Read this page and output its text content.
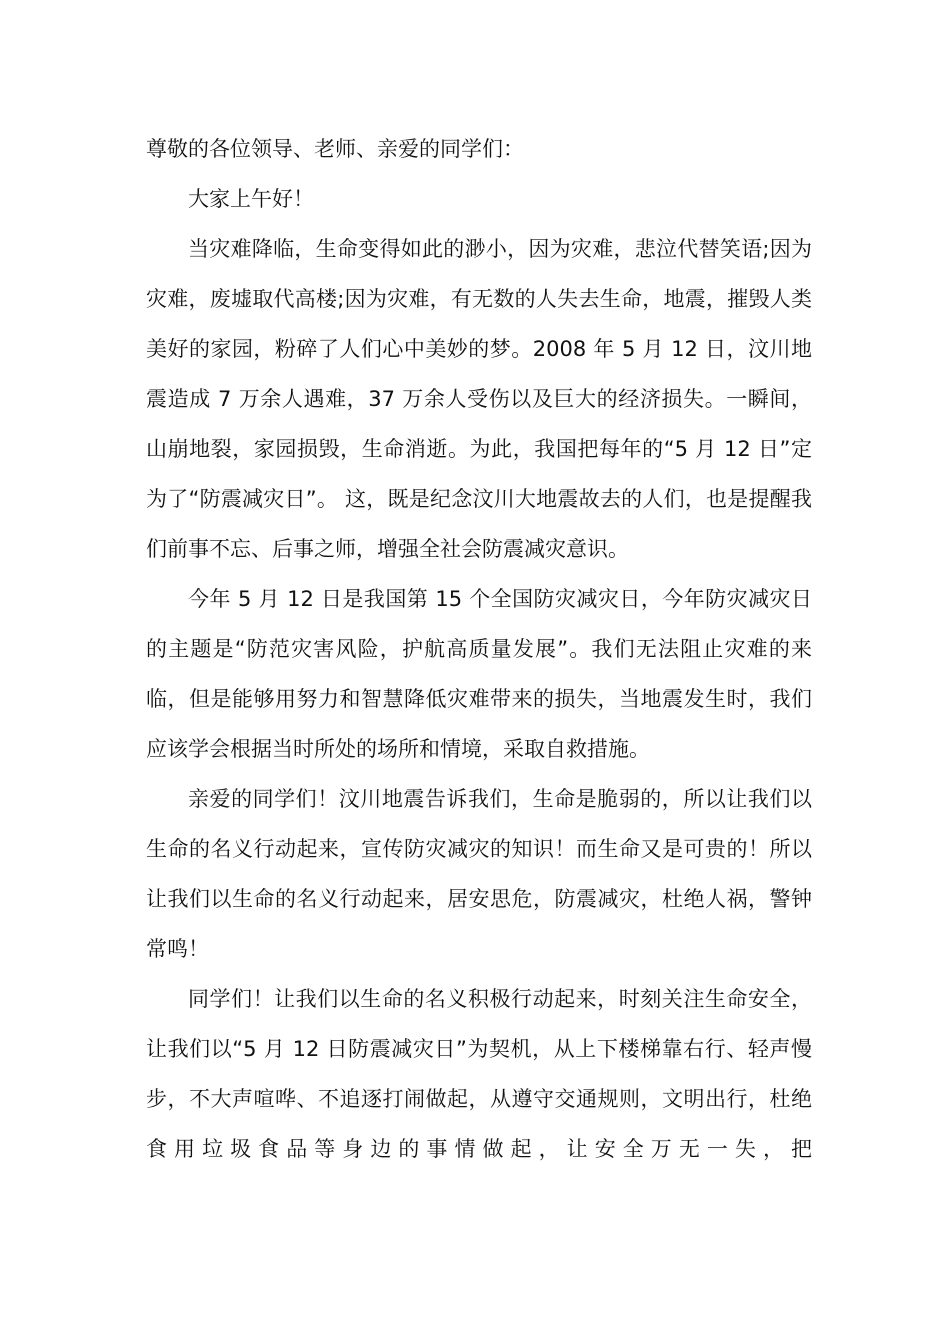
尊敬的各位领导、老师、亲爱的同学们：

大家上午好！

当灾难降临，生命变得如此的渺小，因为灾难，悲泣代替笑语;因为灾难，废墟取代高楼;因为灾难，有无数的人失去生命，地震，摧毁人类美好的家园，粉碎了人们心中美妙的梦。2008 年 5 月 12 日，汶川地震造成 7 万余人遇难，37 万余人受伤以及巨大的经济损失。一瞬间，山崩地裂，家园损毁，生命消逝。为此，我国把每年的“5 月 12 日”定为了“防震减灾日”。 这，既是纪念汶川大地震故去的人们，也是提醒我们前事不忘、后事之师，增强全社会防震减灾意识。

今年 5 月 12 日是我国第 15 个全国防灾减灾日，今年防灾减灾日的主题是“防范灾害风险，护航高质量发展”。我们无法阻止灾难的来临，但是能够用努力和智慧降低灾难带来的损失，当地震发生时，我们应该学会根据当时所处的场所和情境，采取自救措施。

亲爱的同学们！汶川地震告诉我们，生命是脆弱的，所以让我们以生命的名义行动起来，宣传防灾减灾的知识！而生命又是可贵的！所以让我们以生命的名义行动起来，居安思危，防震减灾，杜绝人祸，警钟常鸣！

同学们！让我们以生命的名义积极行动起来，时刻关注生命安全， 让我们以“5 月 12 日防震减灾日”为契机，从上下楼梯靠右行、轻声慢步，不大声喧哗、不追逐打闹做起，从遵守交通规则，文明出行，杜绝食用垃圾食品等身边的事情做起，让安全万无一失，把
